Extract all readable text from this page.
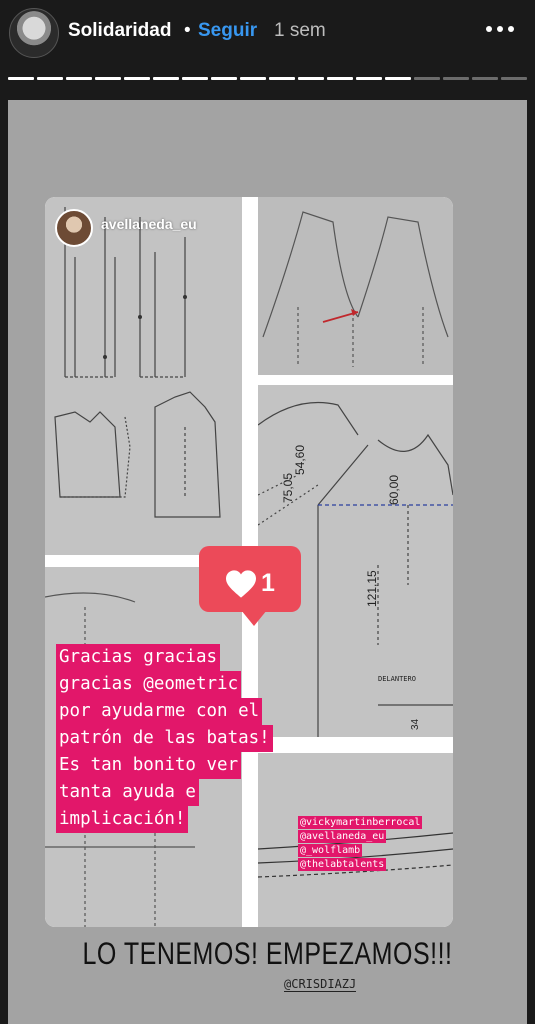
Solidaridad • Seguir 1 sem
avellaneda_eu
75,05
54,60
60,00
121,15
DELANTERO
34
1
Gracias gracias
gracias @eometric
por ayudarme con el
patrón de las batas!
Es tan bonito ver
tanta ayuda e
implicación!	@vickymartinberrocal
@avellaneda_eu
@_wolflamb
@thelabtalents
LO TENEMOS! EMPEZAMOS!!!
@CRISDIAZJ
